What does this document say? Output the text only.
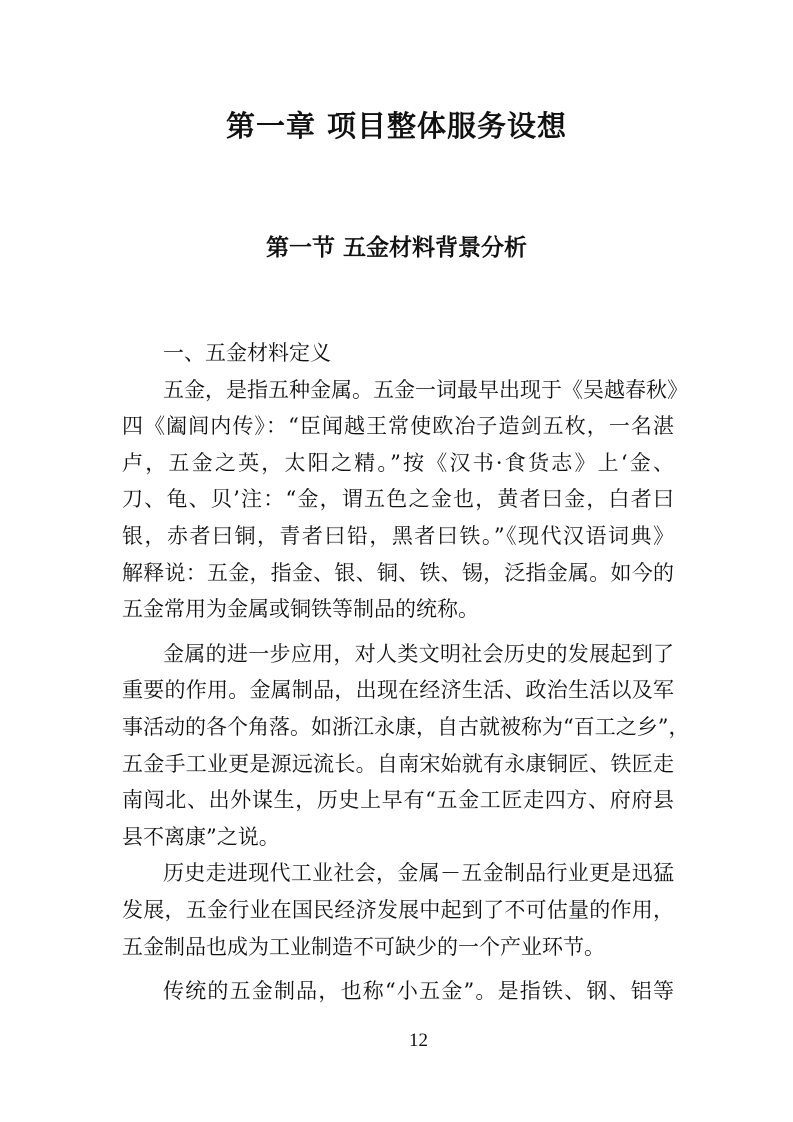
第一章 项目整体服务设想
第一节 五金材料背景分析
一、五金材料定义
五金，是指五种金属。五金一词最早出现于《吴越春秋》
四《阖闾内传》：“臣闻越王常使欧冶子造剑五枚，一名湛
卢，五金之英，太阳之精。”按《汉书·食货志》上‘金、
刀、龟、贝’注：“金，谓五色之金也，黄者曰金，白者曰
银，赤者曰铜，青者曰铅，黑者曰铁。”《现代汉语词典》
解释说：五金，指金、银、铜、铁、锡，泛指金属。如今的
五金常用为金属或铜铁等制品的统称。
金属的进一步应用，对人类文明社会历史的发展起到了
重要的作用。金属制品，出现在经济生活、政治生活以及军
事活动的各个角落。如浙江永康，自古就被称为“百工之乡”，
五金手工业更是源远流长。自南宋始就有永康铜匠、铁匠走
南闯北、出外谋生，历史上早有“五金工匠走四方、府府县
县不离康”之说。
历史走进现代工业社会，金属－五金制品行业更是迅猛
发展，五金行业在国民经济发展中起到了不可估量的作用，
五金制品也成为工业制造不可缺少的一个产业环节。
传统的五金制品，也称“小五金”。是指铁、钢、铝等
12
